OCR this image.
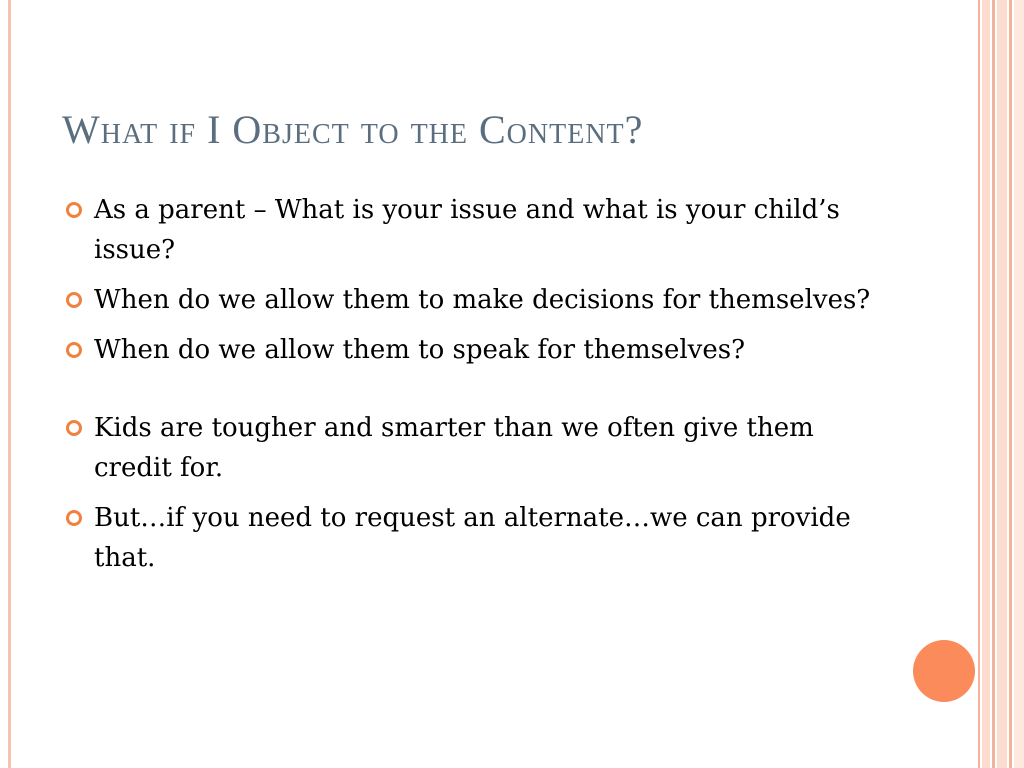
What if I Object to the Content?
As a parent – What is your issue and what is your child’s issue?
When do we allow them to make decisions for themselves?
When do we allow them to speak for themselves?
Kids are tougher and smarter than we often give them credit for.
But…if you need to request an alternate…we can provide that.
